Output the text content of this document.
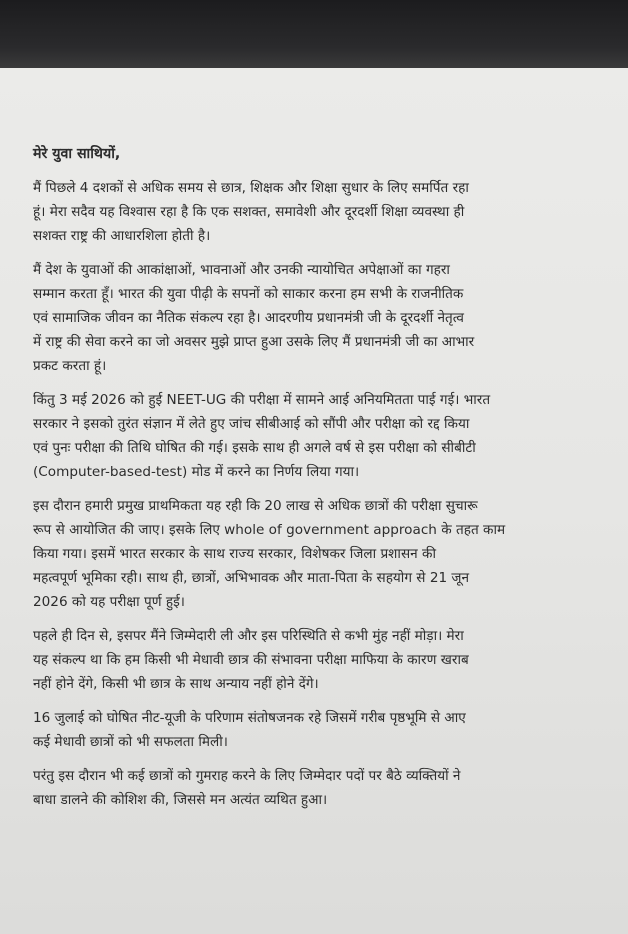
मेरे युवा साथियों,

मैं पिछले 4 दशकों से अधिक समय से छात्र, शिक्षक और शिक्षा सुधार के लिए समर्पित रहा
हूं। मेरा सदैव यह विश्वास रहा है कि एक सशक्त, समावेशी और दूरदर्शी शिक्षा व्यवस्था ही
सशक्त राष्ट्र की आधारशिला होती है।

मैं देश के युवाओं की आकांक्षाओं, भावनाओं और उनकी न्यायोचित अपेक्षाओं का गहरा
सम्मान करता हूँ। भारत की युवा पीढ़ी के सपनों को साकार करना हम सभी के राजनीतिक
एवं सामाजिक जीवन का नैतिक संकल्प रहा है। आदरणीय प्रधानमंत्री जी के दूरदर्शी नेतृत्व
में राष्ट्र की सेवा करने का जो अवसर मुझे प्राप्त हुआ उसके लिए मैं प्रधानमंत्री जी का आभार
प्रकट करता हूं।

किंतु 3 मई 2026 को हुई NEET-UG की परीक्षा में सामने आई अनियमितता पाई गई। भारत
सरकार ने इसको तुरंत संज्ञान में लेते हुए जांच सीबीआई को सौंपी और परीक्षा को रद्द किया
एवं पुनः परीक्षा की तिथि घोषित की गई। इसके साथ ही अगले वर्ष से इस परीक्षा को सीबीटी
(Computer-based-test) मोड में करने का निर्णय लिया गया।

इस दौरान हमारी प्रमुख प्राथमिकता यह रही कि 20 लाख से अधिक छात्रों की परीक्षा सुचारू
रूप से आयोजित की जाए। इसके लिए whole of government approach के तहत काम
किया गया। इसमें भारत सरकार के साथ राज्य सरकार, विशेषकर जिला प्रशासन की
महत्वपूर्ण भूमिका रही। साथ ही, छात्रों, अभिभावक और माता-पिता के सहयोग से 21 जून
2026 को यह परीक्षा पूर्ण हुई।

पहले ही दिन से, इसपर मैंने जिम्मेदारी ली और इस परिस्थिति से कभी मुंह नहीं मोड़ा। मेरा
यह संकल्प था कि हम किसी भी मेधावी छात्र की संभावना परीक्षा माफिया के कारण खराब
नहीं होने देंगे, किसी भी छात्र के साथ अन्याय नहीं होने देंगे।

16 जुलाई को घोषित नीट-यूजी के परिणाम संतोषजनक रहे जिसमें गरीब पृष्ठभूमि से आए
कई मेधावी छात्रों को भी सफलता मिली।

परंतु इस दौरान भी कई छात्रों को गुमराह करने के लिए जिम्मेदार पदों पर बैठे व्यक्तियों ने
बाधा डालने की कोशिश की, जिससे मन अत्यंत व्यथित हुआ।
